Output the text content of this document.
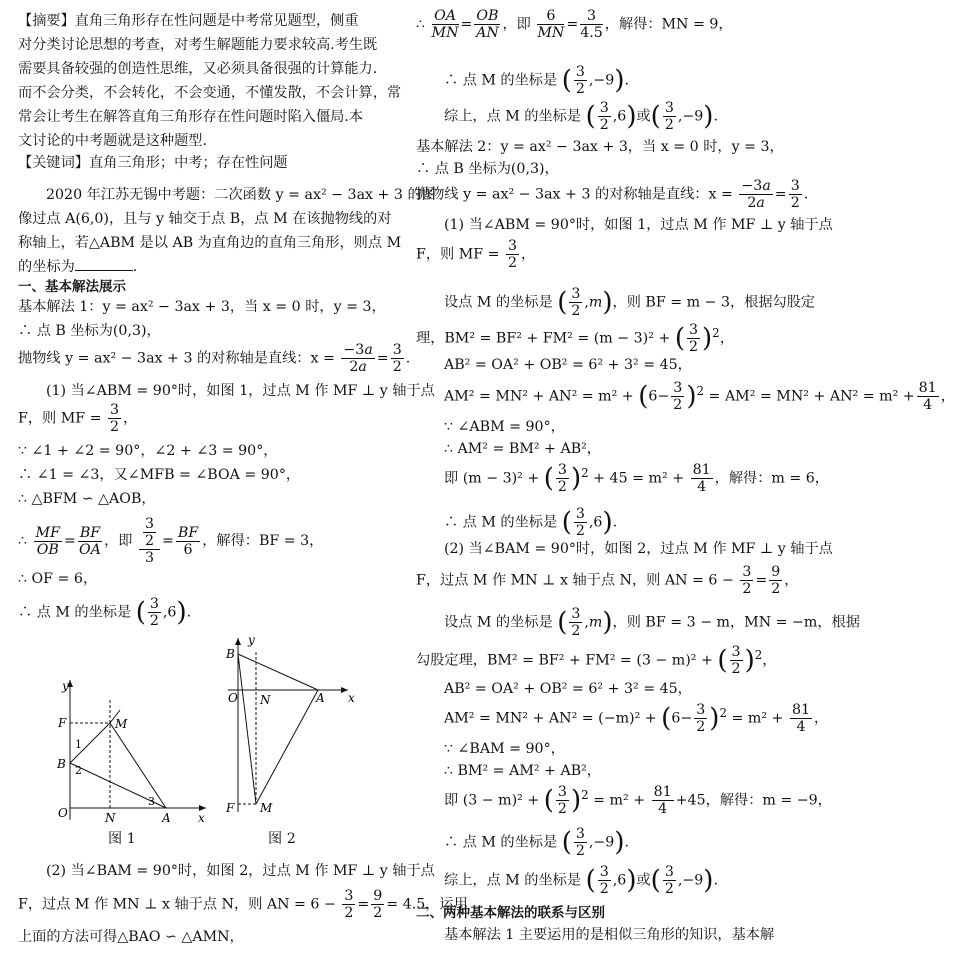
【摘要】直角三角形存在性问题是中考常见题型，侧重
对分类讨论思想的考查，对考生解题能力要求较高.考生既
需要具备较强的创造性思维，又必须具备很强的计算能力.
而不会分类，不会转化，不会变通，不懂发散，不会计算，常
常会让考生在解答直角三角形存在性问题时陷入僵局.本
文讨论的中考题就是这种题型.
【关键词】直角三角形；中考；存在性问题
2020 年江苏无锡中考题：二次函数 y = ax² − 3ax + 3 的图
像过点 A(6,0)，且与 y 轴交于点 B，点 M 在该抛物线的对
称轴上，若△ABM 是以 AB 为直角边的直角三角形，则点 M
的坐标为	.
一、基本解法展示
基本解法 1：y = ax² − 3ax + 3，当 x = 0 时，y = 3，
∴ 点 B 坐标为(0,3)，
抛物线 y = ax² − 3ax + 3 的对称轴是直线：$x = \frac{-3a}{2a} = \frac{3}{2}$ .
(1) 当∠ABM = 90°时，如图 1，过点 M 作 MF ⊥ y 轴于点
F，则 MF = $\frac{3}{2}$ ，
∵ ∠1 + ∠2 = 90°，∠2 + ∠3 = 90°，
∴ ∠1 = ∠3，又∠MFB = ∠BOA = 90°，
∴ △BFM ∽ △AOB，
∴ $\frac{MF}{OB} = \frac{BF}{OA}$ ，即 $\frac{\frac{3}{2}}{3} = \frac{BF}{6}$ ，解得：BF = 3，
∴ OF = 6，
∴ 点 M 的坐标是 ( $\frac{3}{2} ,6$).
y
F	M
B
1
2
3
O	N	A x
图 1
y
B
O N	A x
F M
图 2
(2) 当∠BAM = 90°时，如图 2，过点 M 作 MF ⊥ y 轴于点
F，过点 M 作 MN ⊥ x 轴于点 N，则 AN = $6 - \frac{3}{2} = \frac{9}{2} = 4.5$，运用
上面的方法可得△BAO ∽ △AMN，
∴ $\frac{OA}{MN} = \frac{OB}{AN}$ ，即 $\frac{6}{MN} = \frac{3}{4.5}$ ，解得：MN = 9，
∴ 点 M 的坐标是 ( $\frac{3}{2} ,-9$).
综上，点 M 的坐标是 ( $\frac{3}{2} ,6$)或( $\frac{3}{2} ,-9$).
基本解法 2：y = ax² − 3ax + 3，当 x = 0 时，y = 3，
∴ 点 B 坐标为(0,3)，
抛物线 y = ax² − 3ax + 3 的对称轴是直线：$x = \frac{-3a}{2a} = \frac{3}{2}$ .
(1) 当∠ABM = 90°时，如图 1，过点 M 作 MF ⊥ y 轴于点
F，则 MF = $\frac{3}{2}$ ，
设点 M 的坐标是 ( $\frac{3}{2} ,m$)，则 BF = m − 3，根据勾股定
理，BM² = BF² + FM² = (m − 3)² + ( $\frac{3}{2} )^2$，
AB² = OA² + OB² = 6² + 3² = 45，
$AM^2 = MN^2 + AN^2 = m^2 + (6- \frac{3}{2} )^2 = AM^2 = MN^2 + AN^2 = m^2 + \frac{81}{4}$ ，
∵ ∠ABM = 90°，
∴ AM² = BM² + AB²，
即 (m − 3)² + ( $\frac{3}{2} )^2 + 45 = m^2 + \frac{81}{4}$ ，解得：m = 6，
∴ 点 M 的坐标是 ( $\frac{3}{2} ,6$).
(2) 当∠BAM = 90°时，如图 2，过点 M 作 MF ⊥ y 轴于点
F，过点 M 作 MN ⊥ x 轴于点 N，则 AN = $6 - \frac{3}{2} = \frac{9}{2}$ ，
设点 M 的坐标是 ( $\frac{3}{2} ,m$)，则 BF = 3 − m，MN = −m，根据
勾股定理，BM² = BF² + FM² = (3 − m)² + ( $\frac{3}{2} )^2$，
AB² = OA² + OB² = 6² + 3² = 45，
$AM^2 = MN^2 + AN^2 = (-m)^2 + (6- \frac{3}{2} )^2 = m^2 + \frac{81}{4}$ ，
∵ ∠BAM = 90°，
∴ BM² = AM² + AB²，
即 (3 − m)² + ( $\frac{3}{2} )^2 = m^2 + \frac{81}{4} +45$，解得：m = −9，
∴ 点 M 的坐标是 ( $\frac{3}{2} ,-9$).
综上，点 M 的坐标是 ( $\frac{3}{2} ,6$)或( $\frac{3}{2} ,-9$).
二、两种基本解法的联系与区别
基本解法 1 主要运用的是相似三角形的知识，基本解
